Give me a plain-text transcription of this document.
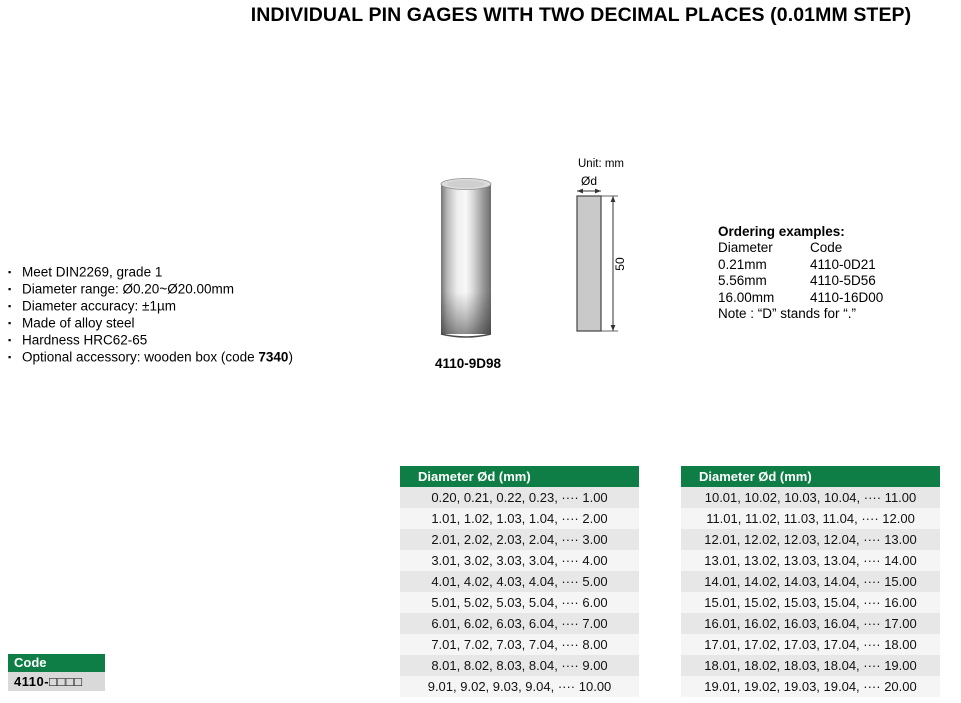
INDIVIDUAL PIN GAGES WITH TWO DECIMAL PLACES (0.01MM STEP)
▪ Meet DIN2269, grade 1
▪ Diameter range: Ø0.20~Ø20.00mm
▪ Diameter accuracy: ±1µm
▪ Made of alloy steel
▪ Hardness HRC62-65
▪ Optional accessory: wooden box (code 7340)	4110-9D98
Unit: mm
Ød
50
Ordering examples:
Diameter	Code
0.21mm	4110-0D21
5.56mm	4110-5D56
16.00mm	4110-16D00
Note : “D” stands for “.”
Diameter Ød (mm)
0.20, 0.21, 0.22, 0.23, ···· 1.00
1.01, 1.02, 1.03, 1.04, ···· 2.00
2.01, 2.02, 2.03, 2.04, ···· 3.00
3.01, 3.02, 3.03, 3.04, ···· 4.00
4.01, 4.02, 4.03, 4.04, ···· 5.00
5.01, 5.02, 5.03, 5.04, ···· 6.00
6.01, 6.02, 6.03, 6.04, ···· 7.00
7.01, 7.02, 7.03, 7.04, ···· 8.00
8.01, 8.02, 8.03, 8.04, ···· 9.00
9.01, 9.02, 9.03, 9.04, ···· 10.00
Diameter Ød (mm)
10.01, 10.02, 10.03, 10.04, ···· 11.00
11.01, 11.02, 11.03, 11.04, ···· 12.00
12.01, 12.02, 12.03, 12.04, ···· 13.00
13.01, 13.02, 13.03, 13.04, ···· 14.00
14.01, 14.02, 14.03, 14.04, ···· 15.00
15.01, 15.02, 15.03, 15.04, ···· 16.00
16.01, 16.02, 16.03, 16.04, ···· 17.00
17.01, 17.02, 17.03, 17.04, ···· 18.00
18.01, 18.02, 18.03, 18.04, ···· 19.00
19.01, 19.02, 19.03, 19.04, ···· 20.00
Code
4110-□□□□
